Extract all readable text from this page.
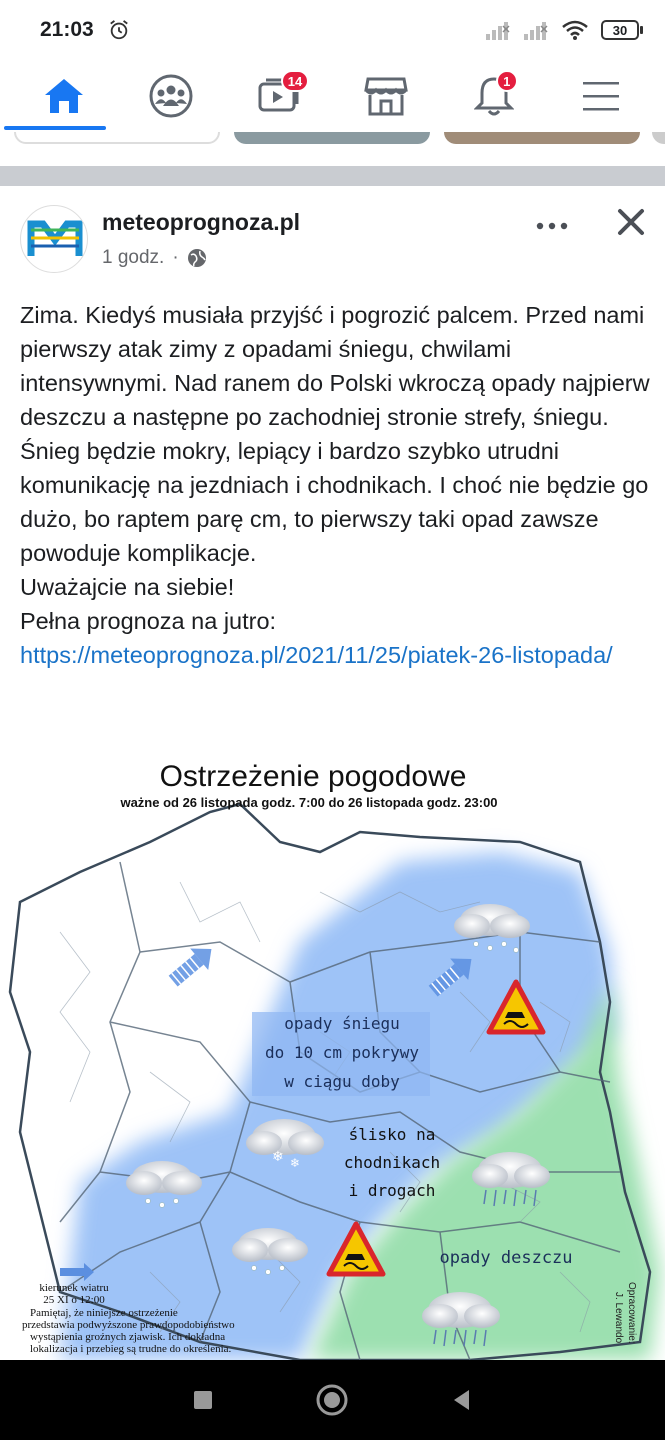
21:03	30
14	1
meteoprognoza.pl
1 godz. ·

Zima. Kiedyś musiała przyjść i pogrozić palcem. Przed nami pierwszy atak zimy z opadami śniegu, chwilami intensywnymi. Nad ranem do Polski wkroczą opady najpierw deszczu a następne po zachodniej stronie strefy, śniegu. Śnieg będzie mokry, lepiący i bardzo szybko utrudni komunikację na jezdniach i chodnikach. I choć nie będzie go dużo, bo raptem parę cm, to pierwszy taki opad zawsze powoduje komplikacje.

Uważajcie na siebie!

Pełna prognoza na jutro:

https://meteoprognoza.pl/2021/11/25/piatek-26-listopada/

Ostrzeżenie pogodowe
ważne od 26 listopada godz. 7:00 do 26 listopada godz. 23:00
opady śniegu
do 10 cm pokrywy
w ciągu doby
ślisko na
chodnikach
i drogach
opady deszczu
❄ ❄
kierunek wiatru
25 XI o 12:00
Pamiętaj, że niniejsze ostrzeżenie
przedstawia podwyższone prawdopodobieństwo
wystąpienia groźnych zjawisk. Ich dokładna
lokalizacja i przebieg są trudne do określenia.
Opracowanie:
J. Lewando
